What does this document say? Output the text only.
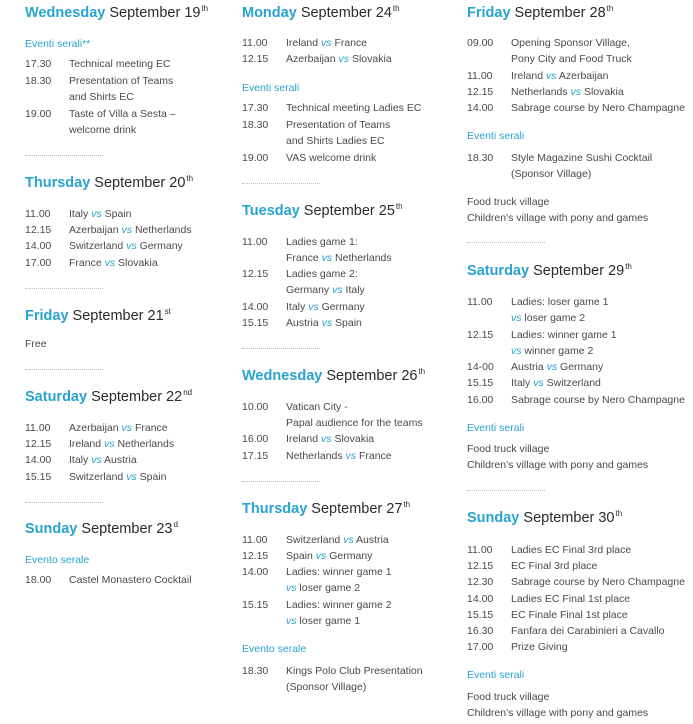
Wednesday September 19th
Eventi serali**
17.30 Technical meeting EC
18.30 Presentation of Teams
and Shirts EC
19.00 Taste of Villa a Sesta –
welcome drink
Thursday September 20th
11.00 Italy vs Spain
12.15 Azerbaijan vs Netherlands
14.00 Switzerland vs Germany
17.00 France vs Slovakia
Friday September 21st
Free
Saturday September 22nd
11.00 Azerbaijan vs France
12.15 Ireland vs Netherlands
14.00 Italy vs Austria
15.15 Switzerland vs Spain
Sunday September 23$^d$
Evento serale
18.00 Castel Monastero Cocktail
Monday September 24th
11.00 Ireland vs France
12.15 Azerbaijan vs Slovakia
Eventi serali
17.30 Technical meeting Ladies EC
18.30 Presentation of Teams
and Shirts Ladies EC
19.00 VAS welcome drink
Tuesday September 25th
11.00 Ladies game 1:
France vs Netherlands
12.15 Ladies game 2:
Germany vs Italy
14.00 Italy vs Germany
15.15 Austria vs Spain
Wednesday September 26th
10.00 Vatican City -
Papal audience for the teams
16.00 Ireland vs Slovakia
17.15 Netherlands vs France
Thursday September 27th
11.00 Switzerland vs Austria
12.15 Spain vs Germany
14.00 Ladies: winner game 1
vs loser game 2
15.15 Ladies: winner game 2
vs loser game 1
Evento serale
18.30 Kings Polo Club Presentation
(Sponsor Village)
Friday September 28th
09.00 Opening Sponsor Village,
Pony City and Food Truck
11.00 Ireland vs Azerbaijan
12.15 Netherlands vs Slovakia
14.00 Sabrage course by Nero Champagne
Eventi serali
18.30 Style Magazine Sushi Cocktail
(Sponsor Village)
Food truck village
Children's village with pony and games
Saturday September 29th
11.00 Ladies: loser game 1
vs loser game 2
12.15 Ladies: winner game 1
vs winner game 2
14-00 Austria vs Germany
15.15 Italy vs Switzerland
16.00 Sabrage course by Nero Champagne
Eventi serali
Food truck village
Children's village with pony and games
Sunday September 30th
11.00 Ladies EC Final 3rd place
12.15 EC Final 3rd place
12.30 Sabrage course by Nero Champagne
14.00 Ladies EC Final 1st place
15.15 EC Finale Final 1st place
16.30 Fanfara dei Carabinieri a Cavallo
17.00 Prize Giving
Eventi serali
Food truck village
Children's village with pony and games
